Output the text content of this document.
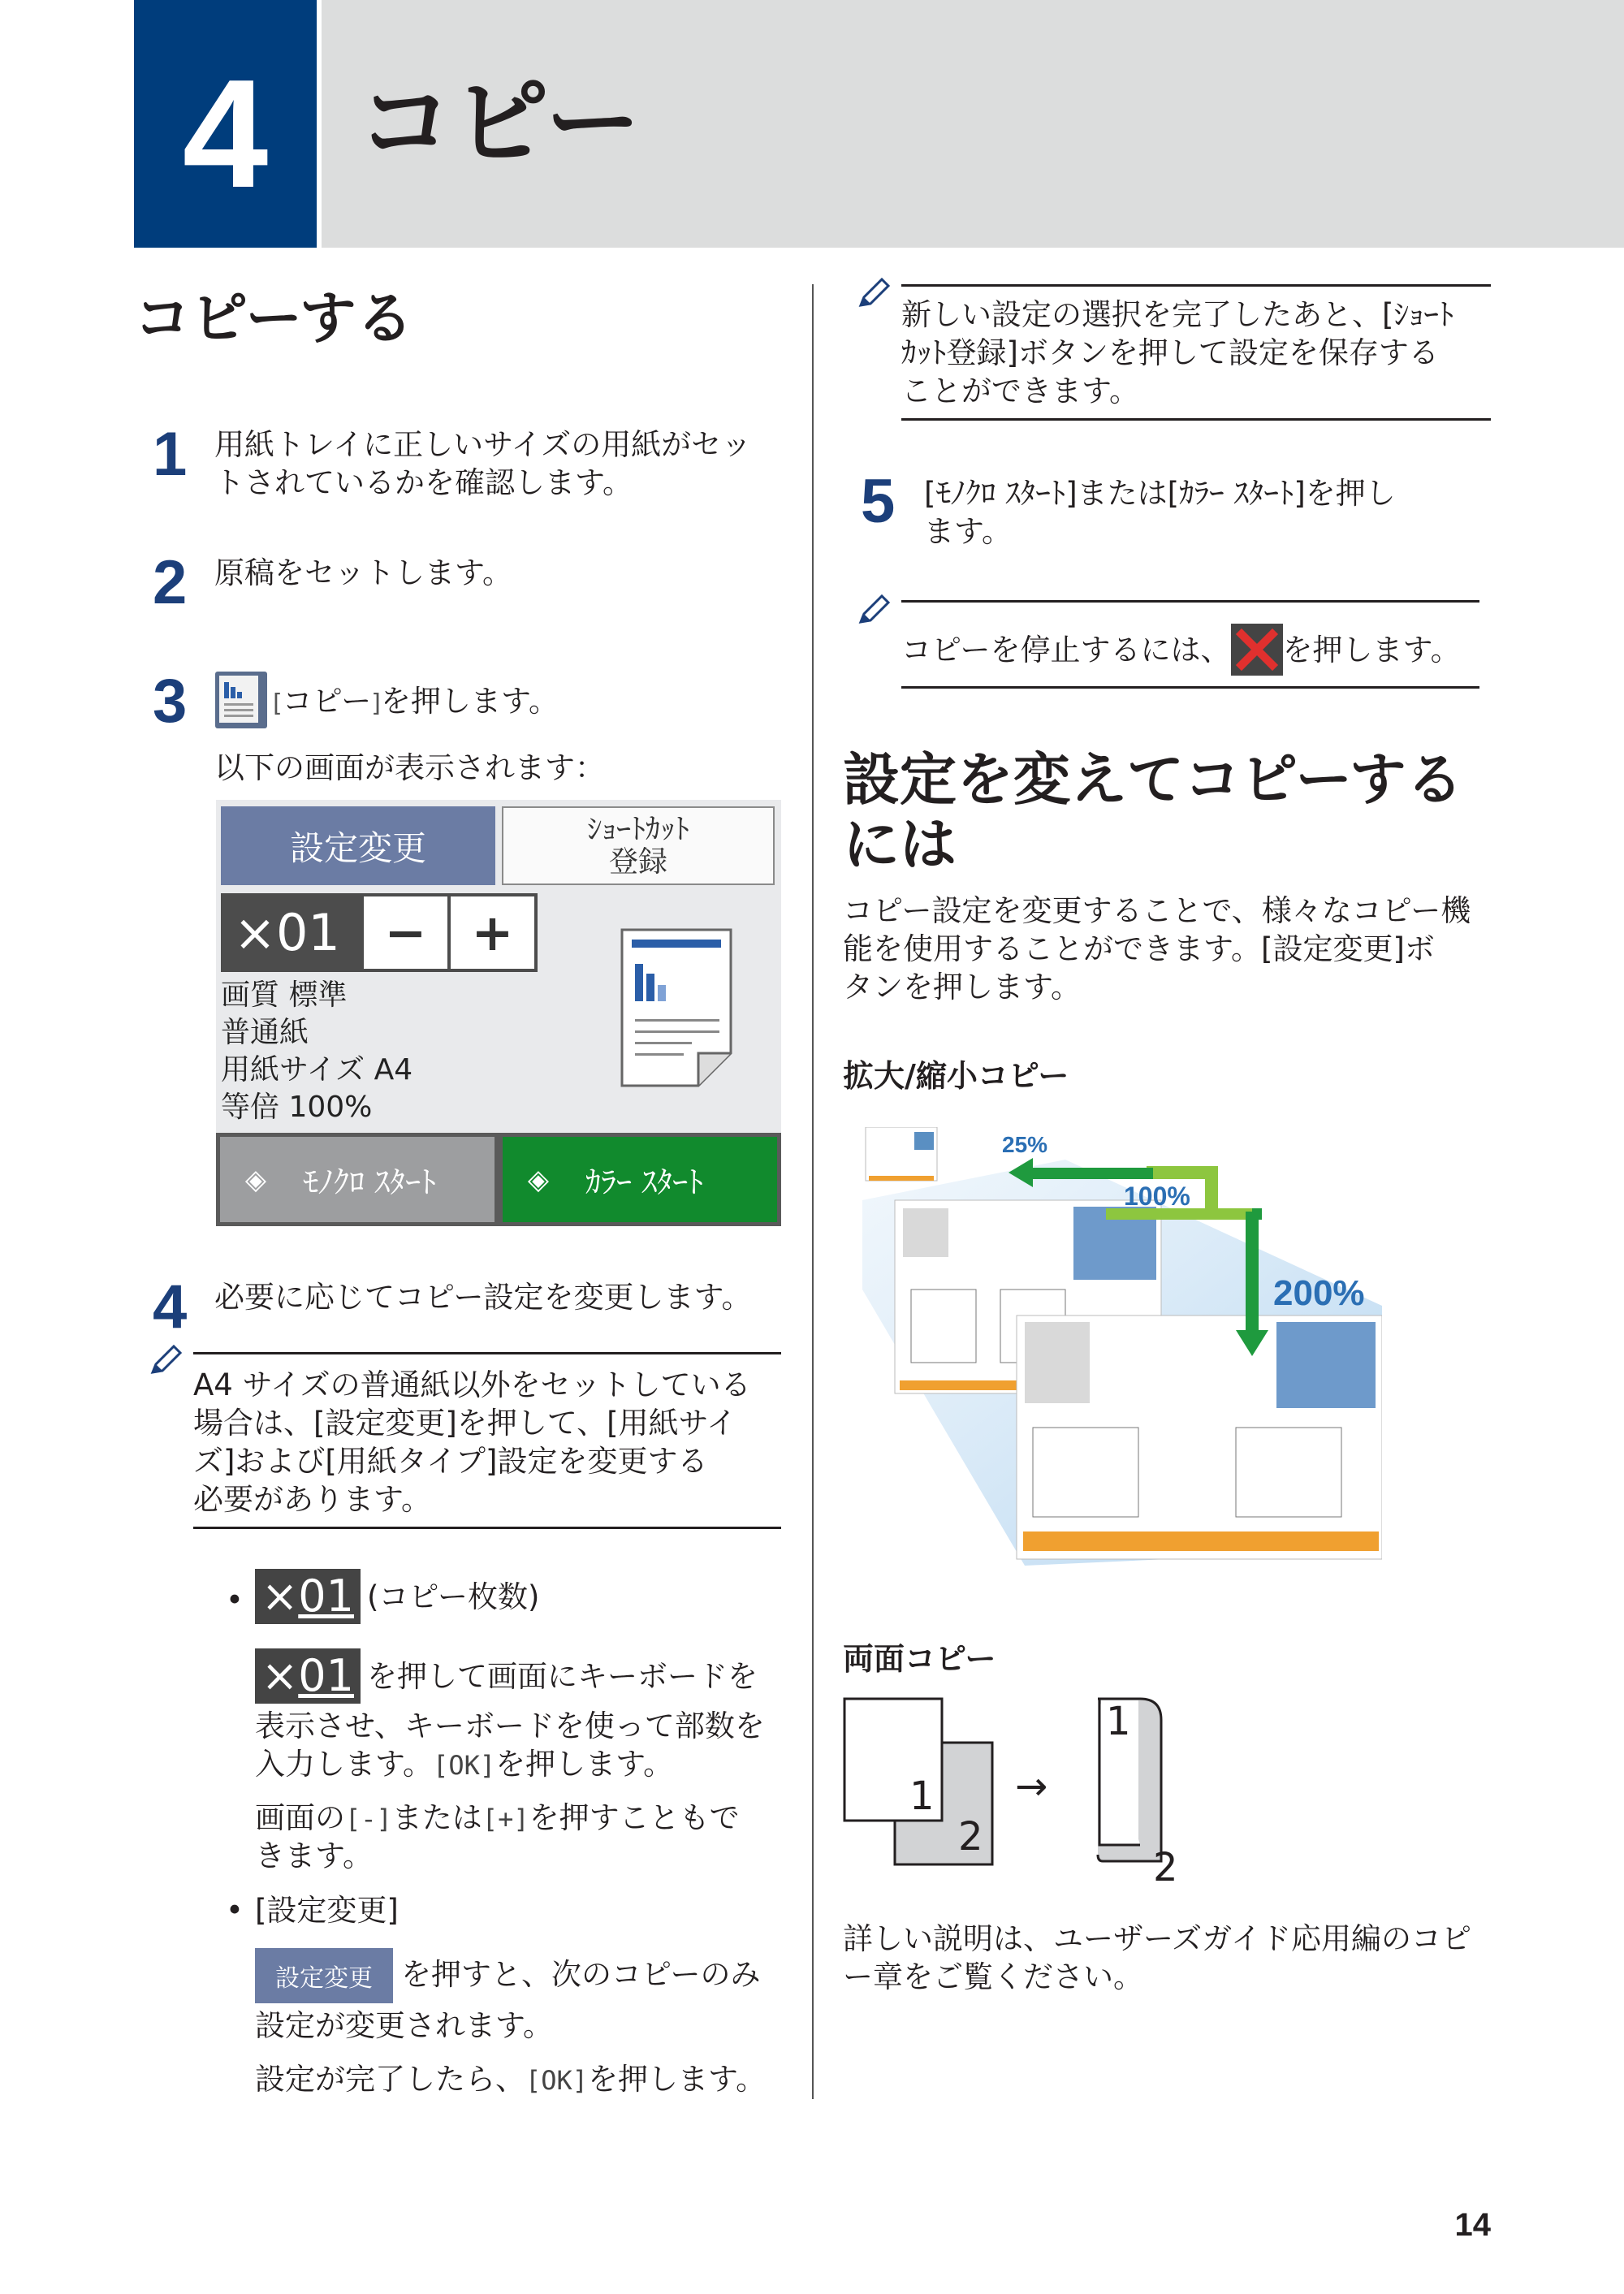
4 コピー
コピーする
1 用紙トレイに正しいサイズの用紙がセッ
トされているかを確認します。
2 原稿をセットします。
3	[コピー]を押します。
以下の画面が表示されます：
設定変更	ｼｮｰﾄｶｯﾄ
登録
×01 − +
画質 標準
普通紙
用紙サイズ A4
等倍 100%
◈	ﾓﾉｸﾛ ｽﾀｰﾄ	◈	ｶﾗｰ ｽﾀｰﾄ
4 必要に応じてコピー設定を変更します。
A4 サイズの普通紙以外をセットしている
場合は、[設定変更]を押して、[用紙サイ
ズ]および[用紙タイプ]設定を変更する
必要があります。
• ×01 (コピー枚数)
×01 を押して画面にキーボードを
表示させ、キーボードを使って部数を
入力します。[OK]を押します。
画面の[-]または[+]を押すこともで
きます。
• [設定変更]
設定変更 を押すと、次のコピーのみ
設定が変更されます。
設定が完了したら、[OK]を押します。
新しい設定の選択を完了したあと、[ｼｮｰﾄ
ｶｯﾄ登録]ボタンを押して設定を保存する
ことができます。
5 [ﾓﾉｸﾛ ｽﾀｰﾄ]または[ｶﾗｰ ｽﾀｰﾄ]を押し
ます。
コピーを停止するには、 を押します。
設定を変えてコピーする
には
コピー設定を変更することで、様々なコピー機
能を使用することができます。[設定変更]ボ
タンを押します。
拡大/縮小コピー
25%
100%
200%
両面コピー
1
2
→
1
2
詳しい説明は、ユーザーズガイド応用編のコピ
ー章をご覧ください。
14
